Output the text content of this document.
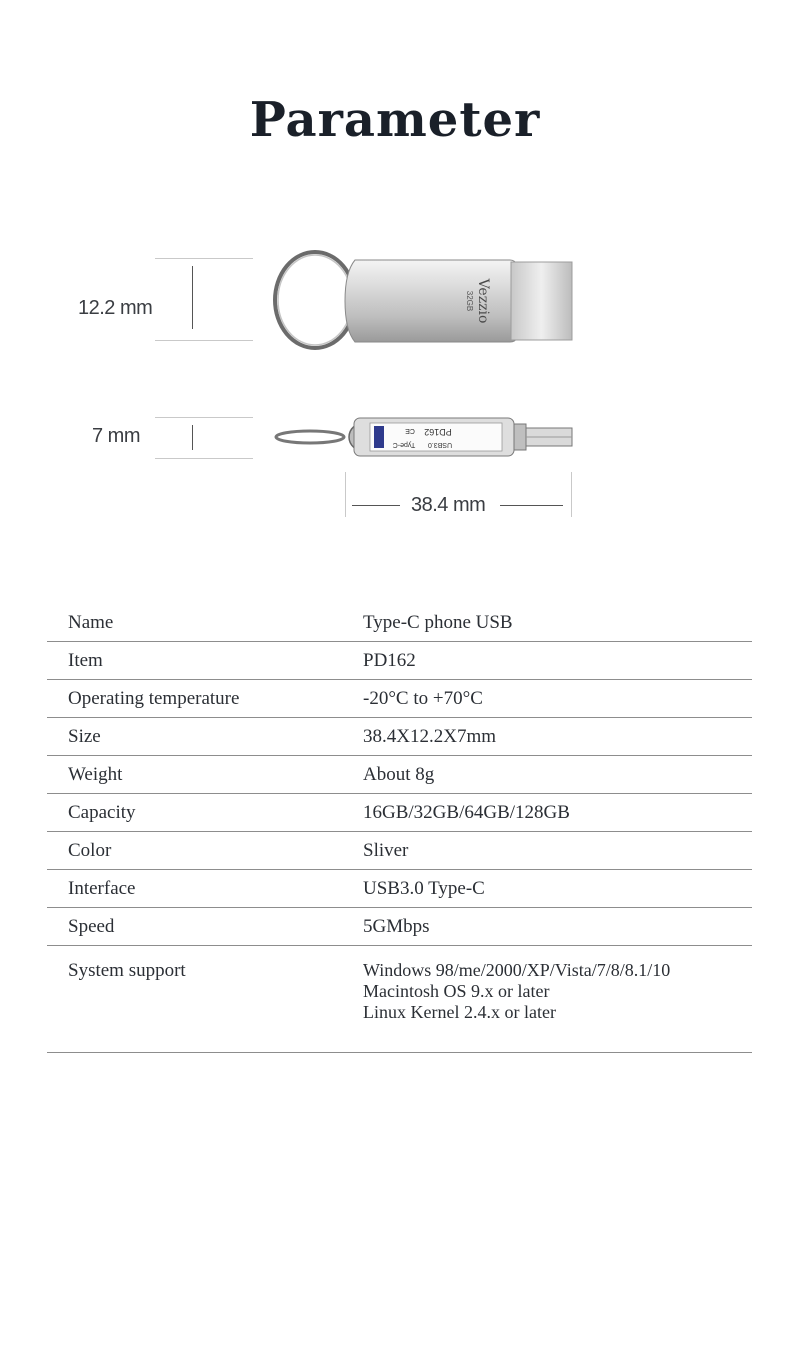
Parameter
12.2 mm	Vezzio
32GB
7 mm	USB3.0
Type-C
PD162
CE
38.4 mm
Name	Type-C phone USB
Item	PD162
Operating temperature	-20°C to +70°C
Size	38.4X12.2X7mm
Weight	About 8g
Capacity	16GB/32GB/64GB/128GB
Color	Sliver
Interface	USB3.0 Type-C
Speed	5GMbps
System support	Windows 98/me/2000/XP/Vista/7/8/8.1/10
Macintosh OS 9.x or later
Linux Kernel 2.4.x or later
